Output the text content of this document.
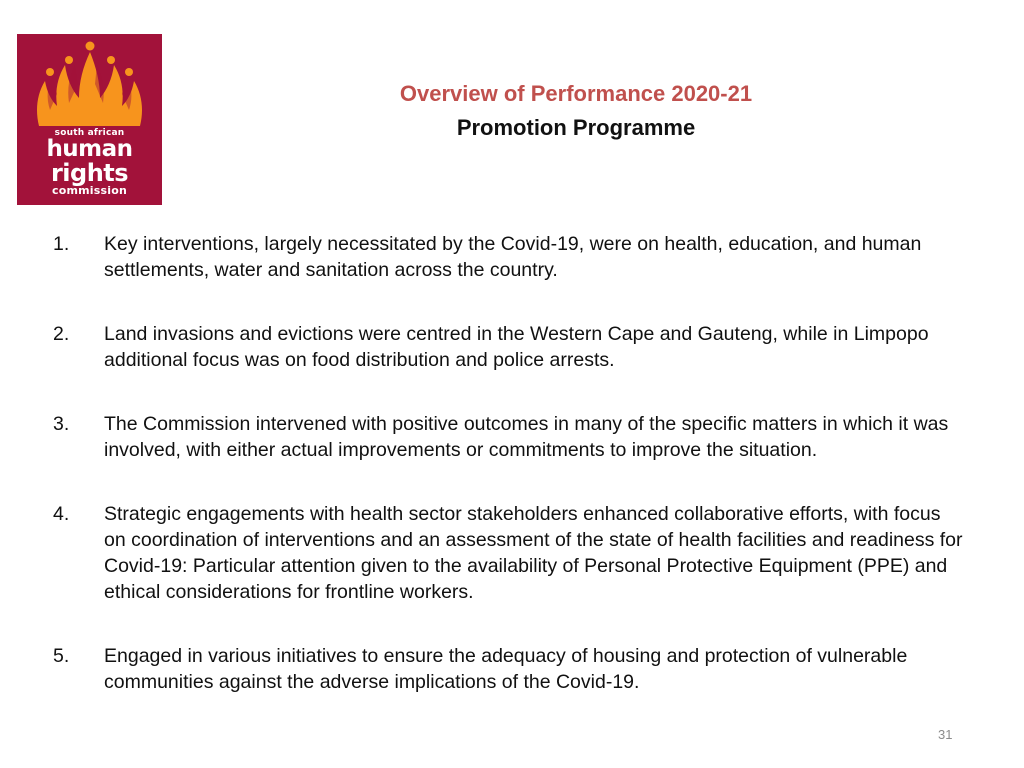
south african
human
rights
commission
Overview of Performance 2020-21
Promotion Programme
1. Key interventions, largely necessitated by the Covid-19, were on health, education, and human settlements, water and sanitation across the country.
2. Land invasions and evictions were centred in the Western Cape and Gauteng, while in Limpopo additional focus was on food distribution and police arrests.
3. The Commission intervened with positive outcomes in many of the specific matters in which it was involved, with either actual improvements or commitments to improve the situation.
4. Strategic engagements with health sector stakeholders enhanced collaborative efforts, with focus on coordination of interventions and an assessment of the state of health facilities and readiness for Covid-19: Particular attention given to the availability of Personal Protective Equipment (PPE) and ethical considerations for frontline workers.
5. Engaged in various initiatives to ensure the adequacy of housing and protection of vulnerable communities against the adverse implications of the Covid-19.
31
